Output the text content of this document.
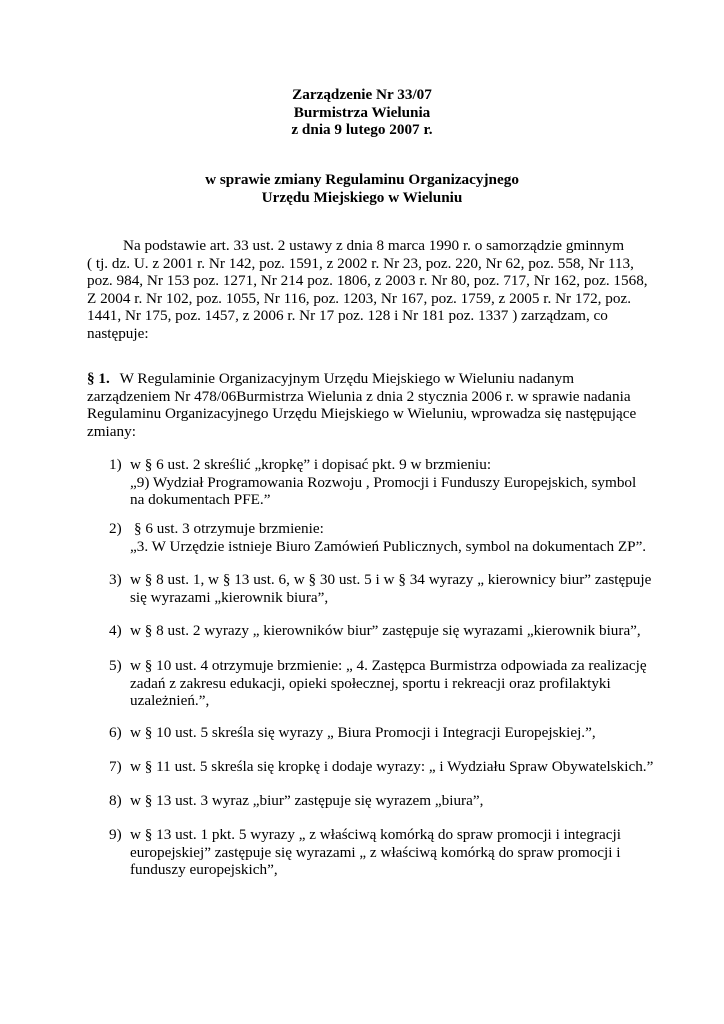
Zarządzenie Nr 33/07
Burmistrza Wielunia
z dnia 9 lutego 2007 r.
w sprawie zmiany Regulaminu Organizacyjnego
Urzędu Miejskiego w Wieluniu
Na podstawie art. 33 ust. 2 ustawy z dnia 8 marca 1990 r. o samorządzie gminnym
( tj. dz. U. z 2001 r. Nr 142, poz. 1591, z 2002 r. Nr 23, poz. 220, Nr 62, poz. 558, Nr 113,
poz. 984, Nr 153 poz. 1271, Nr 214 poz. 1806, z 2003 r. Nr 80, poz. 717, Nr 162, poz. 1568,
Z 2004 r. Nr 102, poz. 1055, Nr 116, poz. 1203, Nr 167, poz. 1759, z 2005 r. Nr 172, poz.
1441, Nr 175, poz. 1457, z 2006 r. Nr 17 poz. 128 i Nr 181 poz. 1337 ) zarządzam, co
następuje:
§ 1. W Regulaminie Organizacyjnym Urzędu Miejskiego w Wieluniu nadanym
zarządzeniem Nr 478/06Burmistrza Wielunia z dnia 2 stycznia 2006 r. w sprawie nadania
Regulaminu Organizacyjnego Urzędu Miejskiego w Wieluniu, wprowadza się następujące
zmiany:
1) w § 6 ust. 2 skreślić „kropkę” i dopisać pkt. 9 w brzmieniu:
„9) Wydział Programowania Rozwoju , Promocji i Funduszy Europejskich, symbol
na dokumentach PFE.”
2) § 6 ust. 3 otrzymuje brzmienie:
„3. W Urzędzie istnieje Biuro Zamówień Publicznych, symbol na dokumentach ZP”.
3) w § 8 ust. 1, w § 13 ust. 6, w § 30 ust. 5 i w § 34 wyrazy „ kierownicy biur” zastępuje
się wyrazami „kierownik biura”,
4) w § 8 ust. 2 wyrazy „ kierowników biur” zastępuje się wyrazami „kierownik biura”,
5) w § 10 ust. 4 otrzymuje brzmienie: „ 4. Zastępca Burmistrza odpowiada za realizację
zadań z zakresu edukacji, opieki społecznej, sportu i rekreacji oraz profilaktyki
uzależnień.”,
6) w § 10 ust. 5 skreśla się wyrazy „ Biura Promocji i Integracji Europejskiej.”,
7) w § 11 ust. 5 skreśla się kropkę i dodaje wyrazy: „ i Wydziału Spraw Obywatelskich.”
8) w § 13 ust. 3 wyraz „biur” zastępuje się wyrazem „biura”,
9) w § 13 ust. 1 pkt. 5 wyrazy „ z właściwą komórką do spraw promocji i integracji
europejskiej” zastępuje się wyrazami „ z właściwą komórką do spraw promocji i
funduszy europejskich”,
